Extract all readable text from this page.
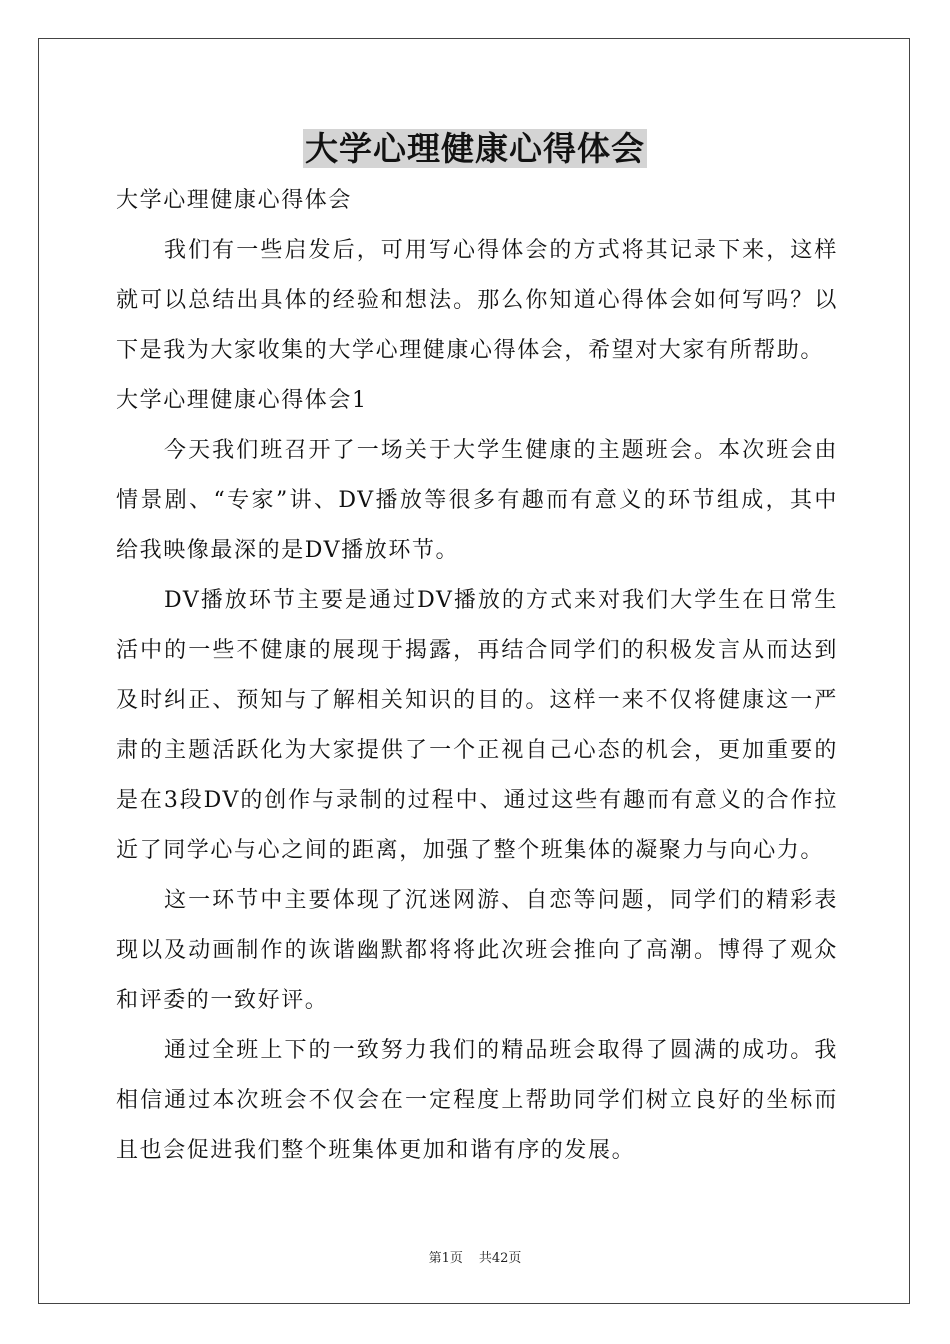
大学心理健康心得体会

大学心理健康心得体会

我们有一些启发后，可用写心得体会的方式将其记录下来，这样就可以总结出具体的经验和想法。那么你知道心得体会如何写吗？以下是我为大家收集的大学心理健康心得体会，希望对大家有所帮助。

大学心理健康心得体会1

今天我们班召开了一场关于大学生健康的主题班会。本次班会由情景剧、“专家”讲、DV播放等很多有趣而有意义的环节组成，其中给我映像最深的是DV播放环节。

DV播放环节主要是通过DV播放的方式来对我们大学生在日常生活中的一些不健康的展现于揭露，再结合同学们的积极发言从而达到及时纠正、预知与了解相关知识的目的。这样一来不仅将健康这一严肃的主题活跃化为大家提供了一个正视自己心态的机会，更加重要的是在3段DV的创作与录制的过程中、通过这些有趣而有意义的合作拉近了同学心与心之间的距离，加强了整个班集体的凝聚力与向心力。

这一环节中主要体现了沉迷网游、自恋等问题，同学们的精彩表现以及动画制作的诙谐幽默都将将此次班会推向了高潮。博得了观众和评委的一致好评。

通过全班上下的一致努力我们的精品班会取得了圆满的成功。我相信通过本次班会不仅会在一定程度上帮助同学们树立良好的坐标而且也会促进我们整个班集体更加和谐有序的发展。

第1页 共42页
